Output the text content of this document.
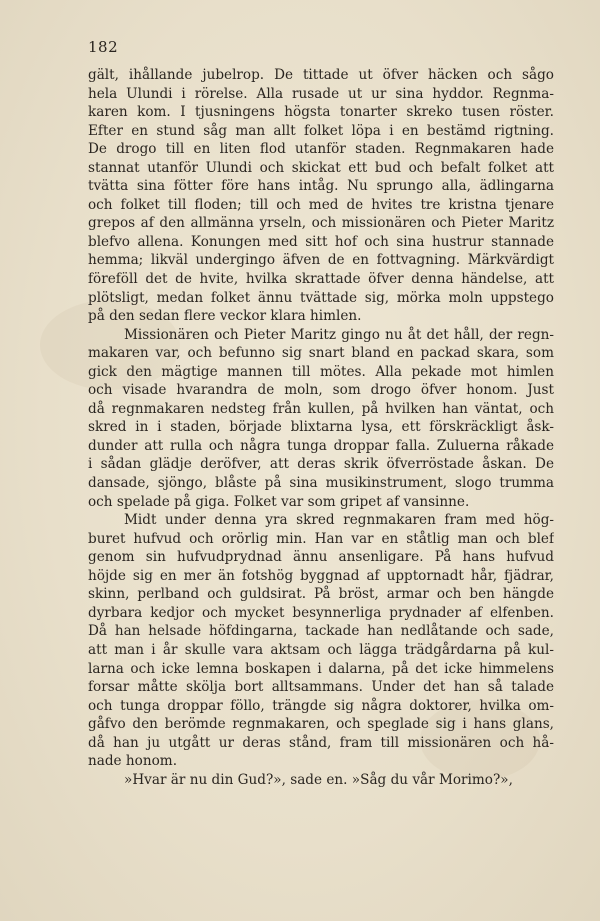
182
gält, ihållande jubelrop. De tittade ut öfver häcken och sågo
hela Ulundi i rörelse. Alla rusade ut ur sina hyddor. Regnma-
karen kom. I tjusningens högsta tonarter skreko tusen röster.
Efter en stund såg man allt folket löpa i en bestämd rigtning.
De drogo till en liten flod utanför staden. Regnmakaren hade
stannat utanför Ulundi och skickat ett bud och befalt folket att
tvätta sina fötter före hans intåg. Nu sprungo alla, ädlingarna
och folket till floden; till och med de hvites tre kristna tjenare
grepos af den allmänna yrseln, och missionären och Pieter Maritz
blefvo allena. Konungen med sitt hof och sina hustrur stannade
hemma; likväl undergingo äfven de en fottvagning. Märkvärdigt
föreföll det de hvite, hvilka skrattade öfver denna händelse, att
plötsligt, medan folket ännu tvättade sig, mörka moln uppstego
på den sedan flere veckor klara himlen.
Missionären och Pieter Maritz gingo nu åt det håll, der regn-
makaren var, och befunno sig snart bland en packad skara, som
gick den mägtige mannen till mötes. Alla pekade mot himlen
och visade hvarandra de moln, som drogo öfver honom. Just
då regnmakaren nedsteg från kullen, på hvilken han väntat, och
skred in i staden, började blixtarna lysa, ett förskräckligt åsk-
dunder att rulla och några tunga droppar falla. Zuluerna råkade
i sådan glädje deröfver, att deras skrik öfverröstade åskan. De
dansade, sjöngo, blåste på sina musikinstrument, slogo trumma
och spelade på giga. Folket var som gripet af vansinne.
Midt under denna yra skred regnmakaren fram med hög-
buret hufvud och orörlig min. Han var en ståtlig man och blef
genom sin hufvudprydnad ännu ansenligare. På hans hufvud
höjde sig en mer än fotshög byggnad af upptornadt hår, fjädrar,
skinn, perlband och guldsirat. På bröst, armar och ben hängde
dyrbara kedjor och mycket besynnerliga prydnader af elfenben.
Då han helsade höfdingarna, tackade han nedlåtande och sade,
att man i år skulle vara aktsam och lägga trädgårdarna på kul-
larna och icke lemna boskapen i dalarna, på det icke himmelens
forsar måtte skölja bort alltsammans. Under det han så talade
och tunga droppar föllo, trängde sig några doktorer, hvilka om-
gåfvo den berömde regnmakaren, och speglade sig i hans glans,
då han ju utgått ur deras stånd, fram till missionären och hå-
nade honom.
»Hvar är nu din Gud?», sade en. »Såg du vår Morimo?»,
